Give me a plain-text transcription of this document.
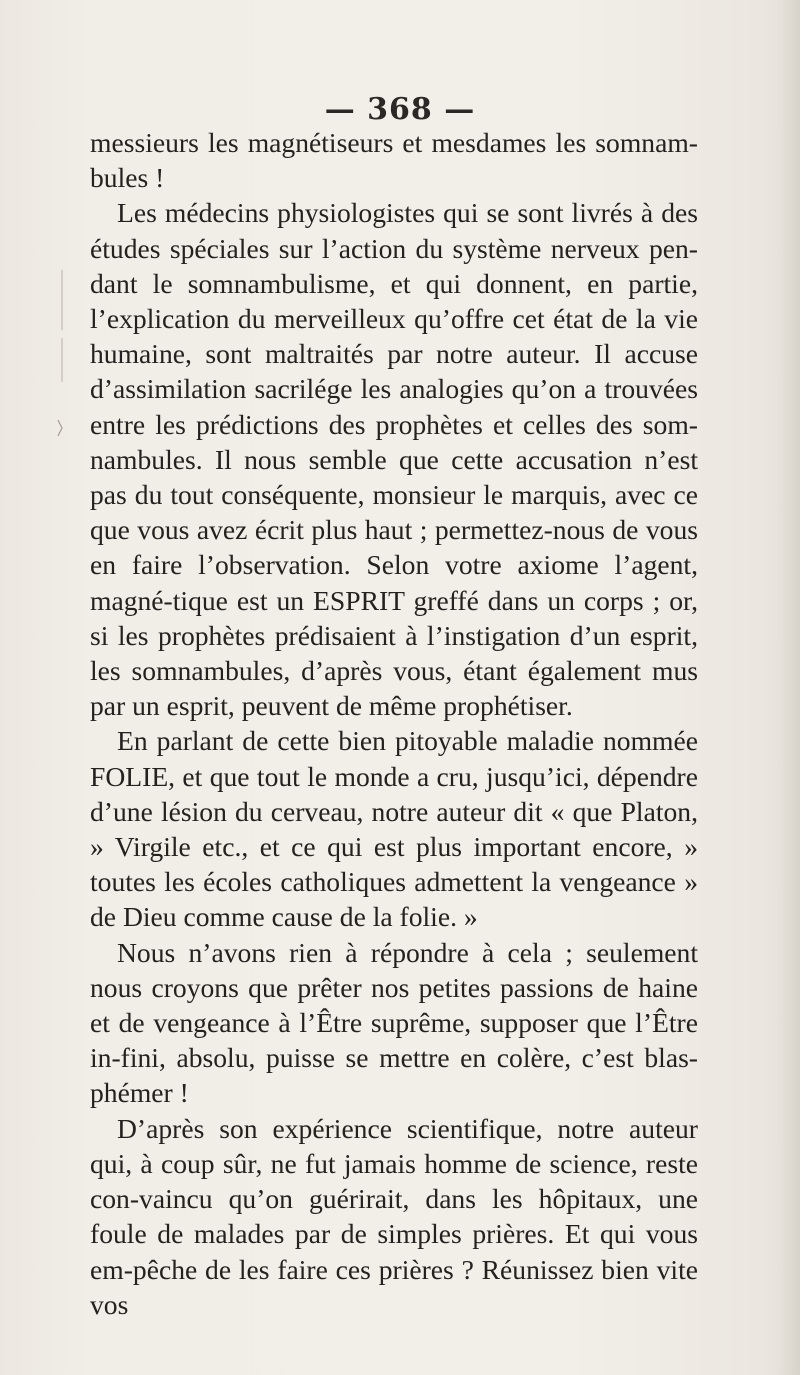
— 368 —

messieurs les magnétiseurs et mesdames les somnam-bules !

Les médecins physiologistes qui se sont livrés à des études spéciales sur l’action du système nerveux pen-dant le somnambulisme, et qui donnent, en partie, l’explication du merveilleux qu’offre cet état de la vie humaine, sont maltraités par notre auteur. Il accuse d’assimilation sacrilége les analogies qu’on a trouvées entre les prédictions des prophètes et celles des som-nambules. Il nous semble que cette accusation n’est pas du tout conséquente, monsieur le marquis, avec ce que vous avez écrit plus haut ; permettez-nous de vous en faire l’observation. Selon votre axiome l’agent, magné-tique est un ESPRIT greffé dans un corps ; or, si les prophètes prédisaient à l’instigation d’un esprit, les somnambules, d’après vous, étant également mus par un esprit, peuvent de même prophétiser.

En parlant de cette bien pitoyable maladie nommée FOLIE, et que tout le monde a cru, jusqu’ici, dépendre d’une lésion du cerveau, notre auteur dit « que Platon, » Virgile etc., et ce qui est plus important encore, » toutes les écoles catholiques admettent la vengeance » de Dieu comme cause de la folie. »

Nous n’avons rien à répondre à cela ; seulement nous croyons que prêter nos petites passions de haine et de vengeance à l’Être suprême, supposer que l’Être in-fini, absolu, puisse se mettre en colère, c’est blas-phémer !

D’après son expérience scientifique, notre auteur qui, à coup sûr, ne fut jamais homme de science, reste con-vaincu qu’on guérirait, dans les hôpitaux, une foule de malades par de simples prières. Et qui vous em-pêche de les faire ces prières ? Réunissez bien vite vos
